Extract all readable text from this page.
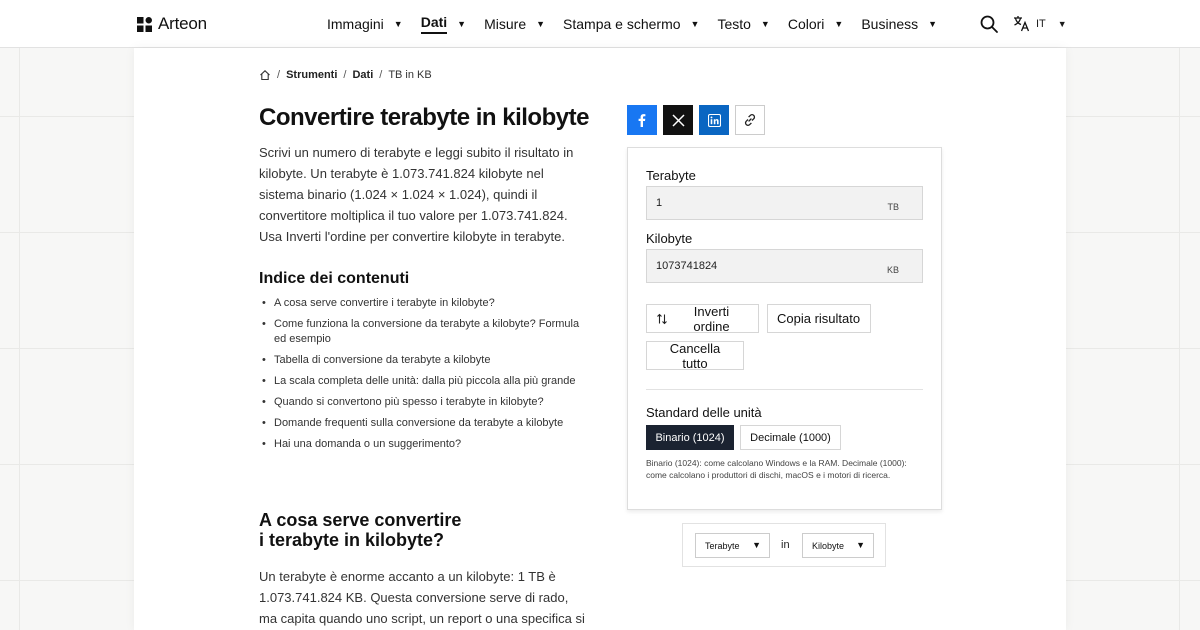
Arteon	Immagini ▼ Dati ▼ Misure ▼ Stampa e schermo ▼ Testo ▼ Colori ▼ Business ▼	IT ▼
/ Strumenti / Dati / TB in KB
Convertire terabyte in kilobyte

Scrivi un numero di terabyte e leggi subito il risultato in kilobyte. Un terabyte è 1.073.741.824 kilobyte nel sistema binario (1.024 × 1.024 × 1.024), quindi il convertitore moltiplica il tuo valore per 1.073.741.824. Usa Inverti l'ordine per convertire kilobyte in terabyte.

Indice dei contenuti
• A cosa serve convertire i terabyte in kilobyte?
• Come funziona la conversione da terabyte a kilobyte? Formula ed esempio
• Tabella di conversione da terabyte a kilobyte
• La scala completa delle unità: dalla più piccola alla più grande
• Quando si convertono più spesso i terabyte in kilobyte?
• Domande frequenti sulla conversione da terabyte a kilobyte
• Hai una domanda o un suggerimento?
A cosa serve convertire
i terabyte in kilobyte?

Un terabyte è enorme accanto a un kilobyte: 1 TB è 1.073.741.824 KB. Questa conversione serve di rado, ma capita quando uno script, un report o una specifica si

Terabyte
1
TB
Kilobyte
1073741824
KB
Inverti ordine	Copia risultato
Cancella tutto
Standard delle unità
Binario (1024)	Decimale (1000)

Binario (1024): come calcolano Windows e la RAM. Decimale (1000): come calcolano i produttori di dischi, macOS e i motori di ricerca.

Terabyte ▼ in Kilobyte ▼
